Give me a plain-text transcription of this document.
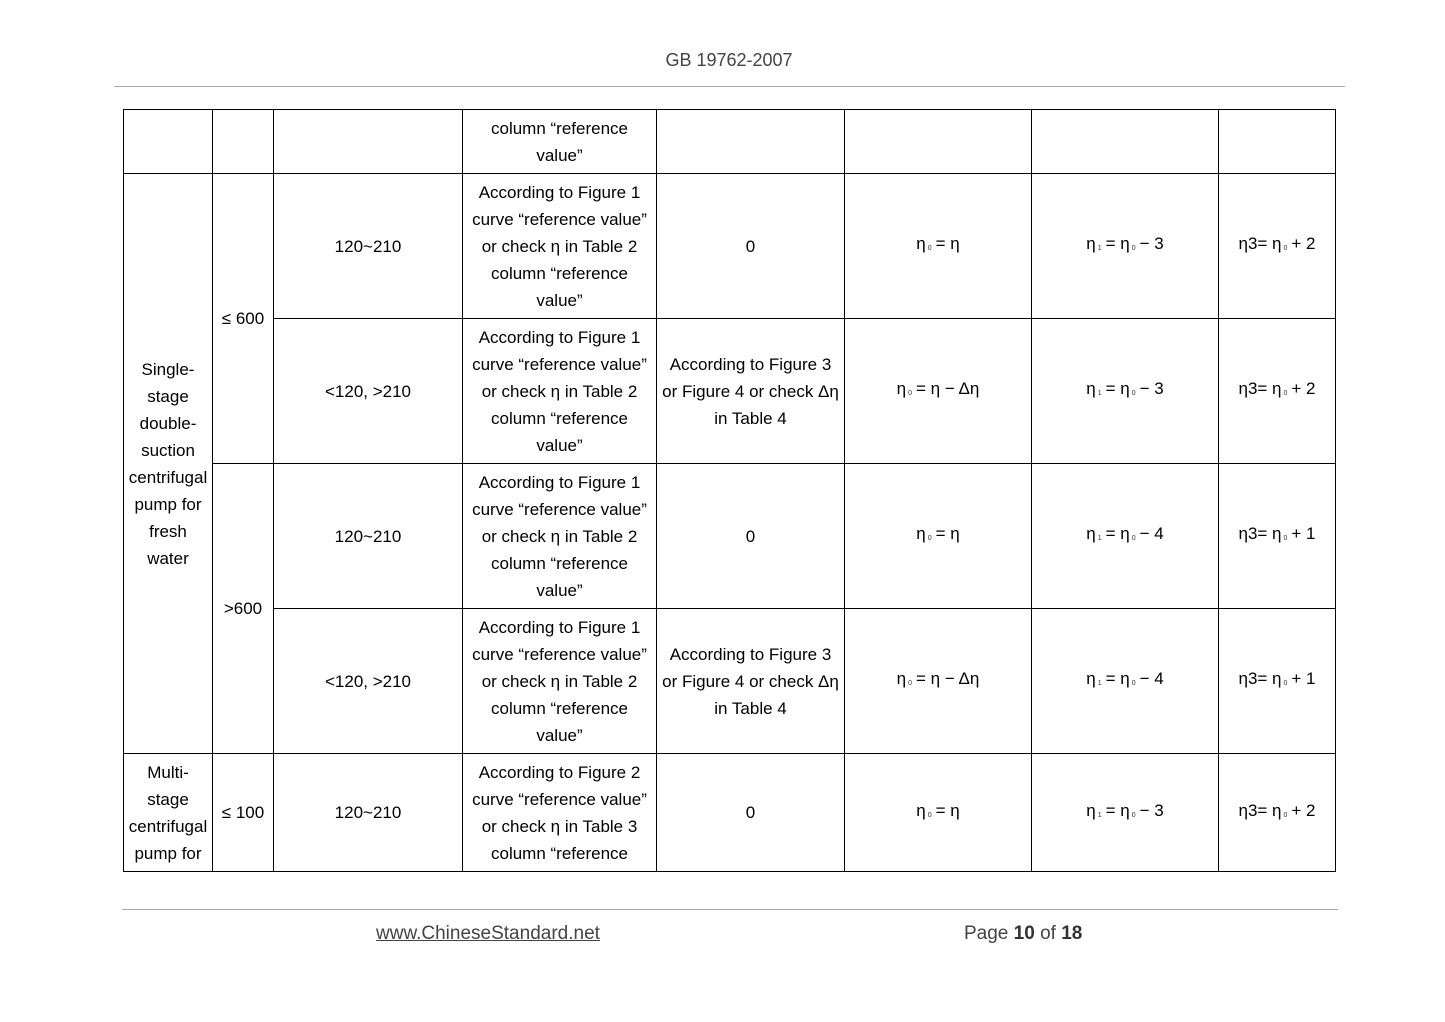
GB 19762-2007
			column “reference value”				
Single-stage double-suction centrifugal pump for fresh water	≤ 600	120~210	According to Figure 1 curve “reference value” or check η in Table 2 column “reference value”	0	η 0 = η	η 1 = η 0 − 3	η3= η 0 + 2
		<120, >210	According to Figure 1 curve “reference value” or check η in Table 2 column “reference value”	According to Figure 3 or Figure 4 or check Δη in Table 4	η 0 = η − Δη	η 1 = η 0 − 3	η3= η 0 + 2
	>600	120~210	According to Figure 1 curve “reference value” or check η in Table 2 column “reference value”	0	η 0 = η	η 1 = η 0 − 4	η3= η 0 + 1
		<120, >210	According to Figure 1 curve “reference value” or check η in Table 2 column “reference value”	According to Figure 3 or Figure 4 or check Δη in Table 4	η 0 = η − Δη	η 1 = η 0 − 4	η3= η 0 + 1
Multi-stage centrifugal pump for	≤ 100	120~210	According to Figure 2 curve “reference value” or check η in Table 3 column “reference	0	η 0 = η	η 1 = η 0 − 3	η3= η 0 + 2
www.ChineseStandard.net	Page 10 of 18
